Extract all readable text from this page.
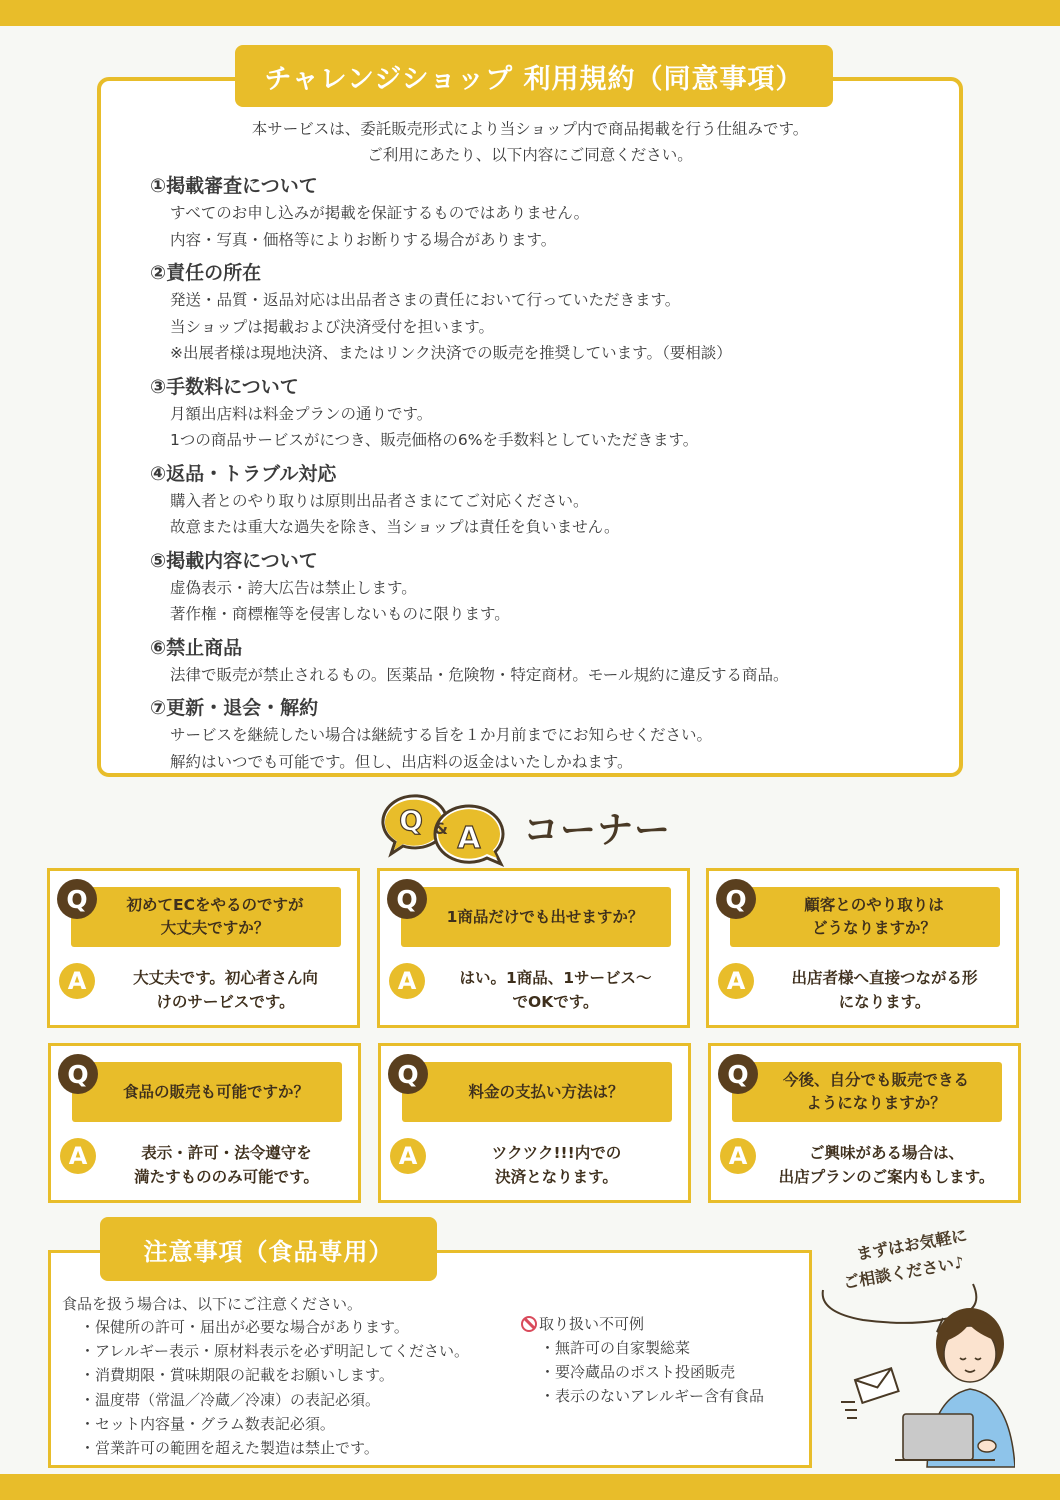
チャレンジショップ 利用規約（同意事項）
本サービスは、委託販売形式により当ショップ内で商品掲載を行う仕組みです。
ご利用にあたり、以下内容にご同意ください。
①掲載審査について
すべてのお申し込みが掲載を保証するものではありません。
内容・写真・価格等によりお断りする場合があります。
②責任の所在
発送・品質・返品対応は出品者さまの責任において行っていただきます。
当ショップは掲載および決済受付を担います。
※出展者様は現地決済、またはリンク決済での販売を推奨しています。（要相談）
③手数料について
月額出店料は料金プランの通りです。
1つの商品サービスがにつき、販売価格の6%を手数料としていただきます。
④返品・トラブル対応
購入者とのやり取りは原則出品者さまにてご対応ください。
故意または重大な過失を除き、当ショップは責任を負いません。
⑤掲載内容について
虚偽表示・誇大広告は禁止します。
著作権・商標権等を侵害しないものに限ります。
⑥禁止商品
法律で販売が禁止されるもの。医薬品・危険物・特定商材。モール規約に違反する商品。
⑦更新・退会・解約
サービスを継続したい場合は継続する旨を１か月前までにお知らせください。
解約はいつでも可能です。但し、出店料の返金はいたしかねます。
Q & A コーナー
Q	初めてECをやるのですが
大丈夫ですか？
A	大丈夫です。初心者さん向
けのサービスです。
Q
1商品だけでも出せますか？
A	はい。1商品、1サービス〜
でOKです。
Q	顧客とのやり取りは
どうなりますか？
A	出店者様へ直接つながる形
になります。
Q
食品の販売も可能ですか？
A	表示・許可・法令遵守を
満たすもののみ可能です。
Q
料金の支払い方法は？
A	ツクツク!!!内での
決済となります。
Q	今後、自分でも販売できる
ようになりますか？
A	ご興味がある場合は、
出店プランのご案内もします。
注意事項（食品専用）
食品を扱う場合は、以下にご注意ください。
・ 保健所の許可・届出が必要な場合があります。
・ アレルギー表示・原材料表示を必ず明記してください。
・ 消費期限・賞味期限の記載をお願いします。
・ 温度帯（常温／冷蔵／冷凍）の表記必須。
・ セット内容量・グラム数表記必須。
・ 営業許可の範囲を超えた製造は禁止です。
取り扱い不可例
・ 無許可の自家製総菜
・ 要冷蔵品のポスト投函販売
・ 表示のないアレルギー含有食品
まずはお気軽に
ご相談ください♪
